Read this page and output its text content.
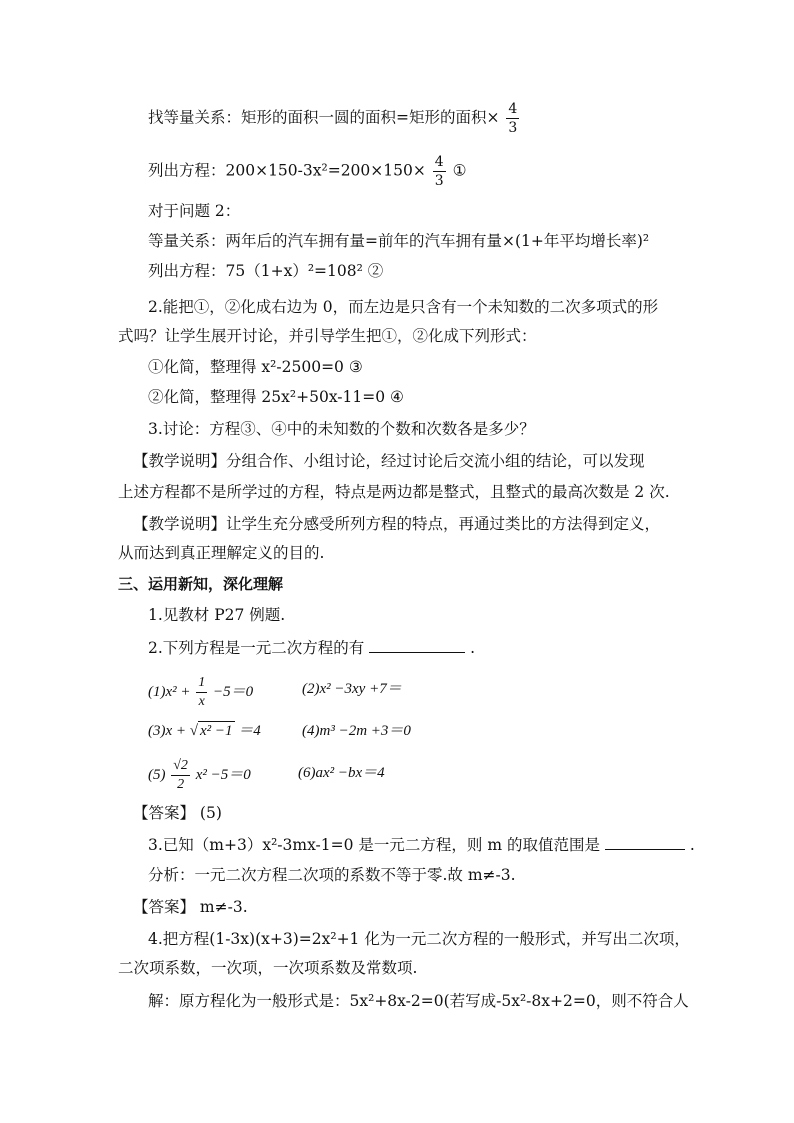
找等量关系：矩形的面积一圆的面积=矩形的面积× $\frac{4}{3}$
列出方程：$200\times 150-3x^2=200\times 150\times \frac{4}{3}$ ①
对于问题 2：
等量关系：两年后的汽车拥有量=前年的汽车拥有量×(1+年平均增长率)²
列出方程：75（1+x）²=108² ②
2.能把①，②化成右边为 0，而左边是只含有一个未知数的二次多项式的形
式吗？让学生展开讨论，并引导学生把①，②化成下列形式：
①化简，整理得 x²-2500=0 ③
②化简，整理得 25x²+50x-11=0 ④
3.讨论：方程③、④中的未知数的个数和次数各是多少？
【教学说明】分组合作、小组讨论，经过讨论后交流小组的结论，可以发现
上述方程都不是所学过的方程，特点是两边都是整式，且整式的最高次数是 2 次.
【教学说明】让学生充分感受所列方程的特点，再通过类比的方法得到定义，
从而达到真正理解定义的目的.
三、运用新知，深化理解
1.见教材 P27 例题.
2.下列方程是一元二次方程的有	.
$(1)x^2 + \frac{1}{x} -5=0$	(2)x² −3xy +7＝
(3)x + √ x² −1 ＝4	(4)m³ −2m +3＝0
$(5) \frac{√2}{2} x^2 -5=0$	(6)ax² −bx＝4
【答案】 (5)
3.已知（m+3）x²-3mx-1=0 是一元二方程，则 m 的取值范围是	.
分析：一元二次方程二次项的系数不等于零.故 m≠-3.
【答案】 m≠-3.
4.把方程(1-3x)(x+3)=2x²+1 化为一元二次方程的一般形式，并写出二次项，
二次项系数，一次项，一次项系数及常数项.
解：原方程化为一般形式是：5x²+8x-2=0(若写成-5x²-8x+2=0，则不符合人
